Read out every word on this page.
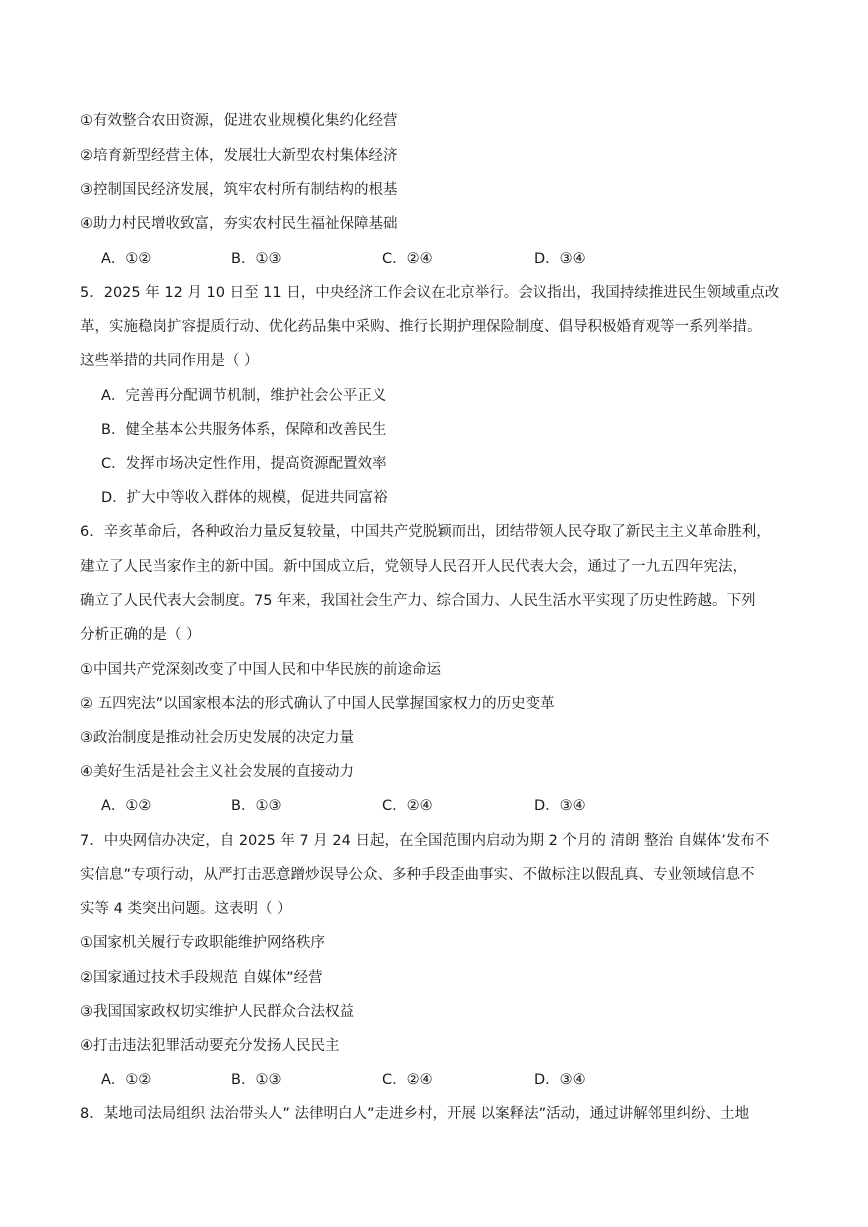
①有效整合农田资源，促进农业规模化集约化经营
②培育新型经营主体，发展壮大新型农村集体经济
③控制国民经济发展，筑牢农村所有制结构的根基
④助力村民增收致富，夯实农村民生福祉保障基础
A．①②	B．①③	C．②④	D．③④
5．2025 年 12 月 10 日至 11 日，中央经济工作会议在北京举行。会议指出，我国持续推进民生领域重点改
革，实施稳岗扩容提质行动、优化药品集中采购、推行长期护理保险制度、倡导积极婚育观等一系列举措。
这些举措的共同作用是（ ）
A．完善再分配调节机制，维护社会公平正义
B．健全基本公共服务体系，保障和改善民生
C．发挥市场决定性作用，提高资源配置效率
D．扩大中等收入群体的规模，促进共同富裕
6．辛亥革命后，各种政治力量反复较量，中国共产党脱颖而出，团结带领人民夺取了新民主主义革命胜利，
建立了人民当家作主的新中国。新中国成立后，党领导人民召开人民代表大会，通过了一九五四年宪法，
确立了人民代表大会制度。75 年来，我国社会生产力、综合国力、人民生活水平实现了历史性跨越。下列
分析正确的是（ ）
①中国共产党深刻改变了中国人民和中华民族的前途命运
② 五四宪法”以国家根本法的形式确认了中国人民掌握国家权力的历史变革
③政治制度是推动社会历史发展的决定力量
④美好生活是社会主义社会发展的直接动力
A．①②	B．①③	C．②④	D．③④
7．中央网信办决定，自 2025 年 7 月 24 日起，在全国范围内启动为期 2 个月的 清朗 整治 自媒体’发布不
实信息”专项行动，从严打击恶意蹭炒误导公众、多种手段歪曲事实、不做标注以假乱真、专业领域信息不
实等 4 类突出问题。这表明（ ）
①国家机关履行专政职能维护网络秩序
②国家通过技术手段规范 自媒体”经营
③我国国家政权切实维护人民群众合法权益
④打击违法犯罪活动要充分发扬人民民主
A．①②	B．①③	C．②④	D．③④
8．某地司法局组织 法治带头人” 法律明白人”走进乡村，开展 以案释法”活动，通过讲解邻里纠纷、土地
